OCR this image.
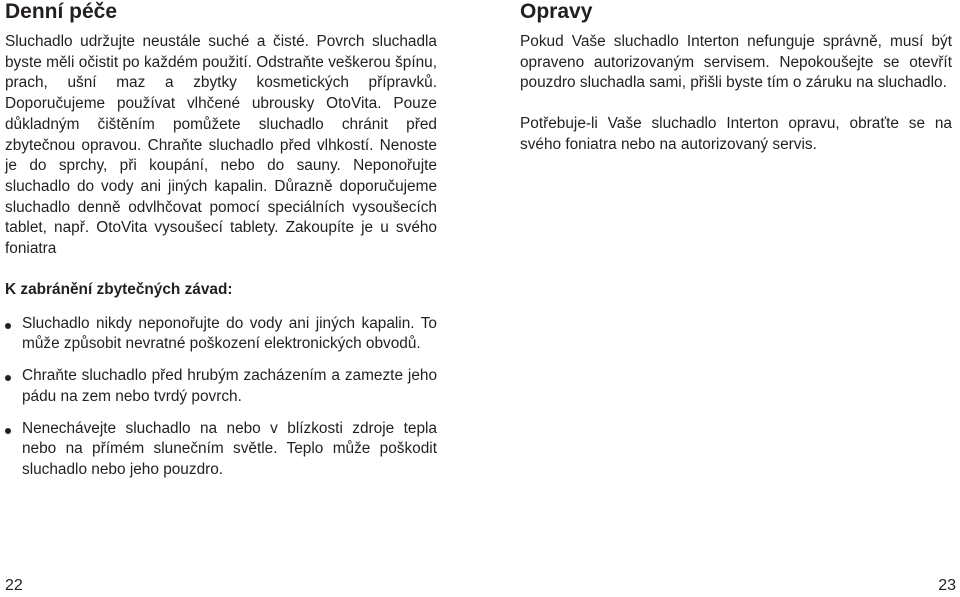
Denní péče

Sluchadlo udržujte neustále suché a čisté. Povrch sluchadla byste měli očistit po každém použití. Odstraňte veškerou špínu, prach, ušní maz a zbytky kosmetických přípravků. Doporučujeme používat vlhčené ubrousky OtoVita. Pouze důkladným čištěním pomůžete sluchadlo chránit před zbytečnou opravou. Chraňte sluchadlo před vlhkostí. Nenoste je do sprchy, při koupání, nebo do sauny. Neponořujte sluchadlo do vody ani jiných kapalin. Důrazně doporučujeme sluchadlo denně odvlhčovat pomocí speciálních vysoušecích tablet, např. OtoVita vysoušecí tablety. Zakoupíte je u svého foniatra

K zabránění zbytečných závad:
Sluchadlo nikdy neponořujte do vody ani jiných kapalin. To může způsobit nevratné poškození elektronických obvodů.
Chraňte sluchadlo před hrubým zacházením a zamezte jeho pádu na zem nebo tvrdý povrch.
Nenechávejte sluchadlo na nebo v blízkosti zdroje tepla nebo na přímém slunečním světle. Teplo může poškodit sluchadlo nebo jeho pouzdro.
Opravy

Pokud Vaše sluchadlo Interton nefunguje správně, musí být opraveno autorizovaným servisem. Nepokoušejte se otevřít pouzdro sluchadla sami, přišli byste tím o záruku na sluchadlo.

Potřebuje-li Vaše sluchadlo Interton opravu, obraťte se na svého foniatra nebo na autorizovaný servis.

22	23
